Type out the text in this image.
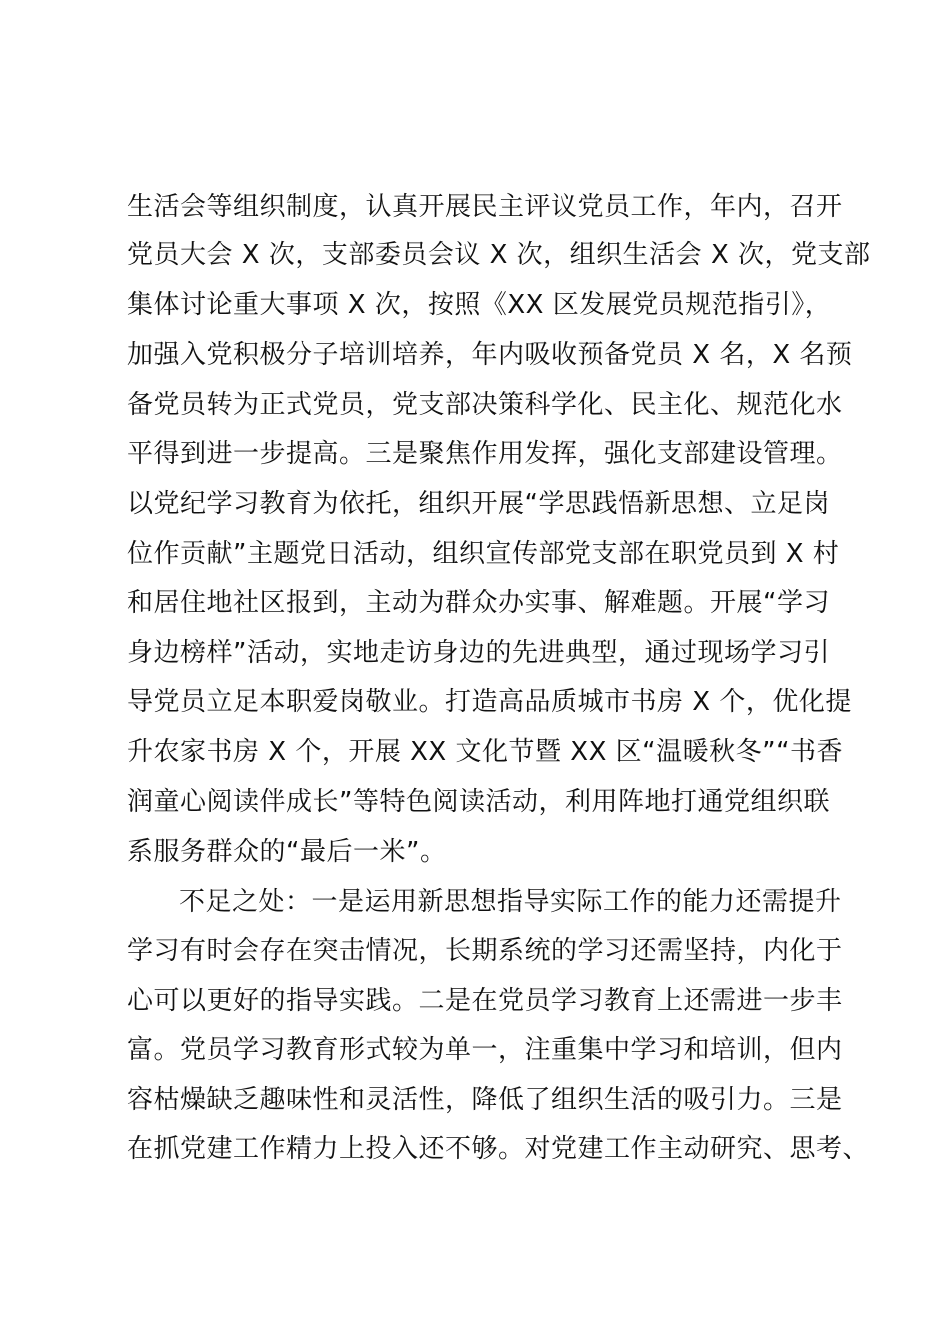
生活会等组织制度，认真开展民主评议党员工作，年内，召开
党员大会 X 次，支部委员会议 X 次，组织生活会 X 次，党支部
集体讨论重大事项 X 次，按照《XX 区发展党员规范指引》，
加强入党积极分子培训培养，年内吸收预备党员 X 名，X 名预
备党员转为正式党员，党支部决策科学化、民主化、规范化水
平得到进一步提高。三是聚焦作用发挥，强化支部建设管理。
以党纪学习教育为依托，组织开展“学思践悟新思想、立足岗
位作贡献”主题党日活动，组织宣传部党支部在职党员到 X 村
和居住地社区报到，主动为群众办实事、解难题。开展“学习
身边榜样”活动，实地走访身边的先进典型，通过现场学习引
导党员立足本职爱岗敬业。打造高品质城市书房 X 个，优化提
升农家书房 X 个，开展 XX 文化节暨 XX 区“温暖秋冬”“书香
润童心阅读伴成长”等特色阅读活动，利用阵地打通党组织联
系服务群众的“最后一米”。
不足之处：一是运用新思想指导实际工作的能力还需提升
学习有时会存在突击情况，长期系统的学习还需坚持，内化于
心可以更好的指导实践。二是在党员学习教育上还需进一步丰
富。党员学习教育形式较为单一，注重集中学习和培训，但内
容枯燥缺乏趣味性和灵活性，降低了组织生活的吸引力。三是
在抓党建工作精力上投入还不够。对党建工作主动研究、思考、
